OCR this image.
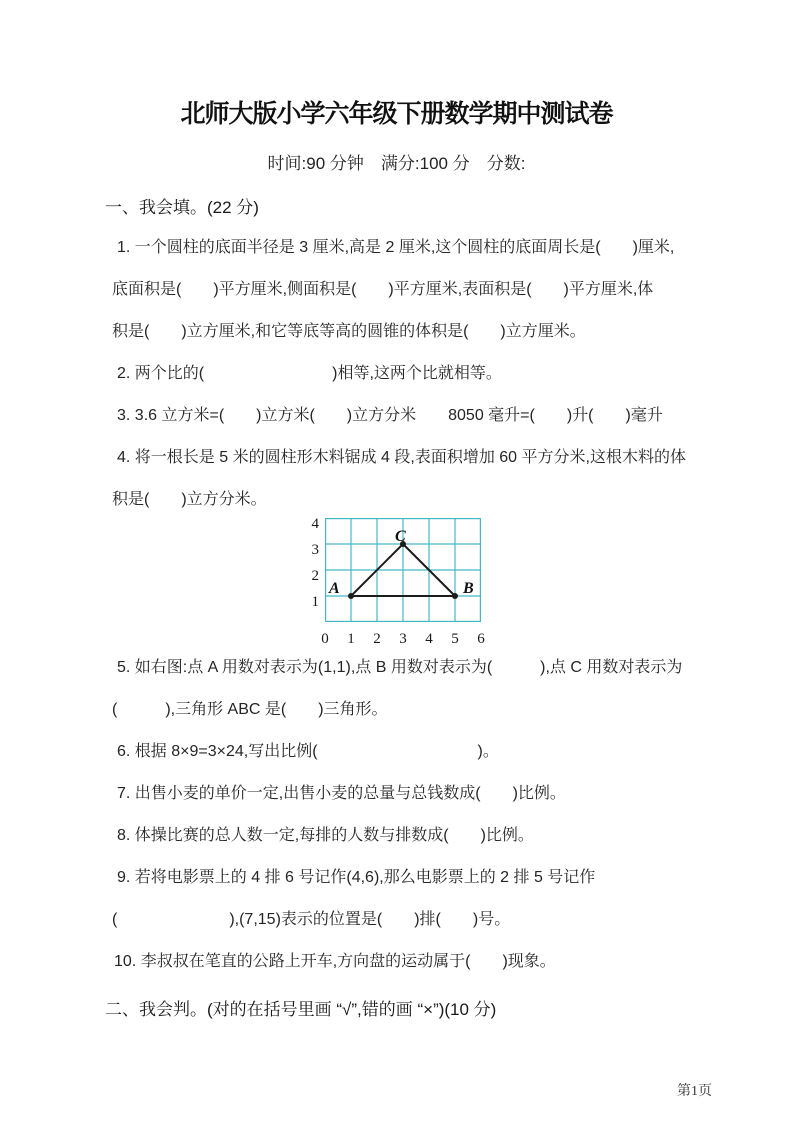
北师大版小学六年级下册数学期中测试卷
时间:90 分钟　满分:100 分　分数:
一、我会填。(22 分)
1. 一个圆柱的底面半径是 3 厘米,高是 2 厘米,这个圆柱的底面周长是(　　)厘米,
底面积是(　　)平方厘米,侧面积是(　　)平方厘米,表面积是(　　)平方厘米,体
积是(　　)立方厘米,和它等底等高的圆锥的体积是(　　)立方厘米。
2. 两个比的(　　　　　　　　)相等,这两个比就相等。
3. 3.6 立方米=(　　)立方米(　　)立方分米　　8050 毫升=(　　)升(　　)毫升
4. 将一根长是 5 米的圆柱形木料锯成 4 段,表面积增加 60 平方分米,这根木料的体
积是(　　)立方分米。
4
3
2
1
A	B
C
0	1	2	3	4	5	6
5. 如右图:点 A 用数对表示为(1,1),点 B 用数对表示为(　　　),点 C 用数对表示为
(　　　),三角形 ABC 是(　　)三角形。
6. 根据 8×9=3×24,写出比例(　　　　　　　　　　)。
7. 出售小麦的单价一定,出售小麦的总量与总钱数成(　　)比例。
8. 体操比赛的总人数一定,每排的人数与排数成(　　)比例。
9. 若将电影票上的 4 排 6 号记作(4,6),那么电影票上的 2 排 5 号记作
(　　　　　　　),(7,15)表示的位置是(　　)排(　　)号。
10. 李叔叔在笔直的公路上开车,方向盘的运动属于(　　)现象。
二、我会判。(对的在括号里画 “√”,错的画 “×”)(10 分)
第1页
